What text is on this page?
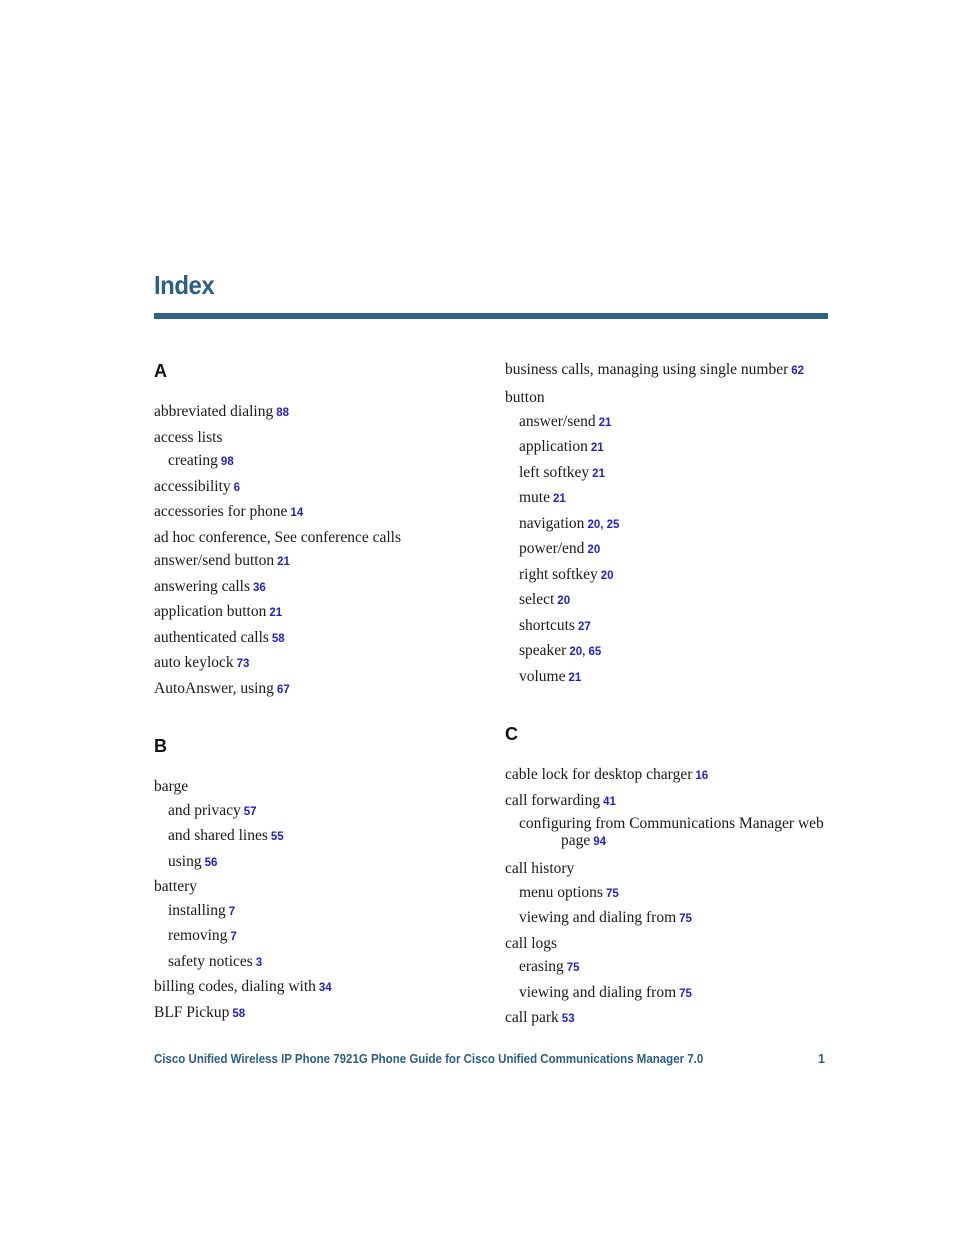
Index
A
abbreviated dialing 88
access lists
creating 98
accessibility 6
accessories for phone 14
ad hoc conference, See conference calls
answer/send button 21
answering calls 36
application button 21
authenticated calls 58
auto keylock 73
AutoAnswer, using 67
B
barge
and privacy 57
and shared lines 55
using 56
battery
installing 7
removing 7
safety notices 3
billing codes, dialing with 34
BLF Pickup 58
business calls, managing using single number 62
button
answer/send 21
application 21
left softkey 21
mute 21
navigation 20, 25
power/end 20
right softkey 20
select 20
shortcuts 27
speaker 20, 65
volume 21
C
cable lock for desktop charger 16
call forwarding 41
configuring from Communications Manager web page 94
call history
menu options 75
viewing and dialing from 75
call logs
erasing 75
viewing and dialing from 75
call park 53
Cisco Unified Wireless IP Phone 7921G Phone Guide for Cisco Unified Communications Manager 7.0	1
